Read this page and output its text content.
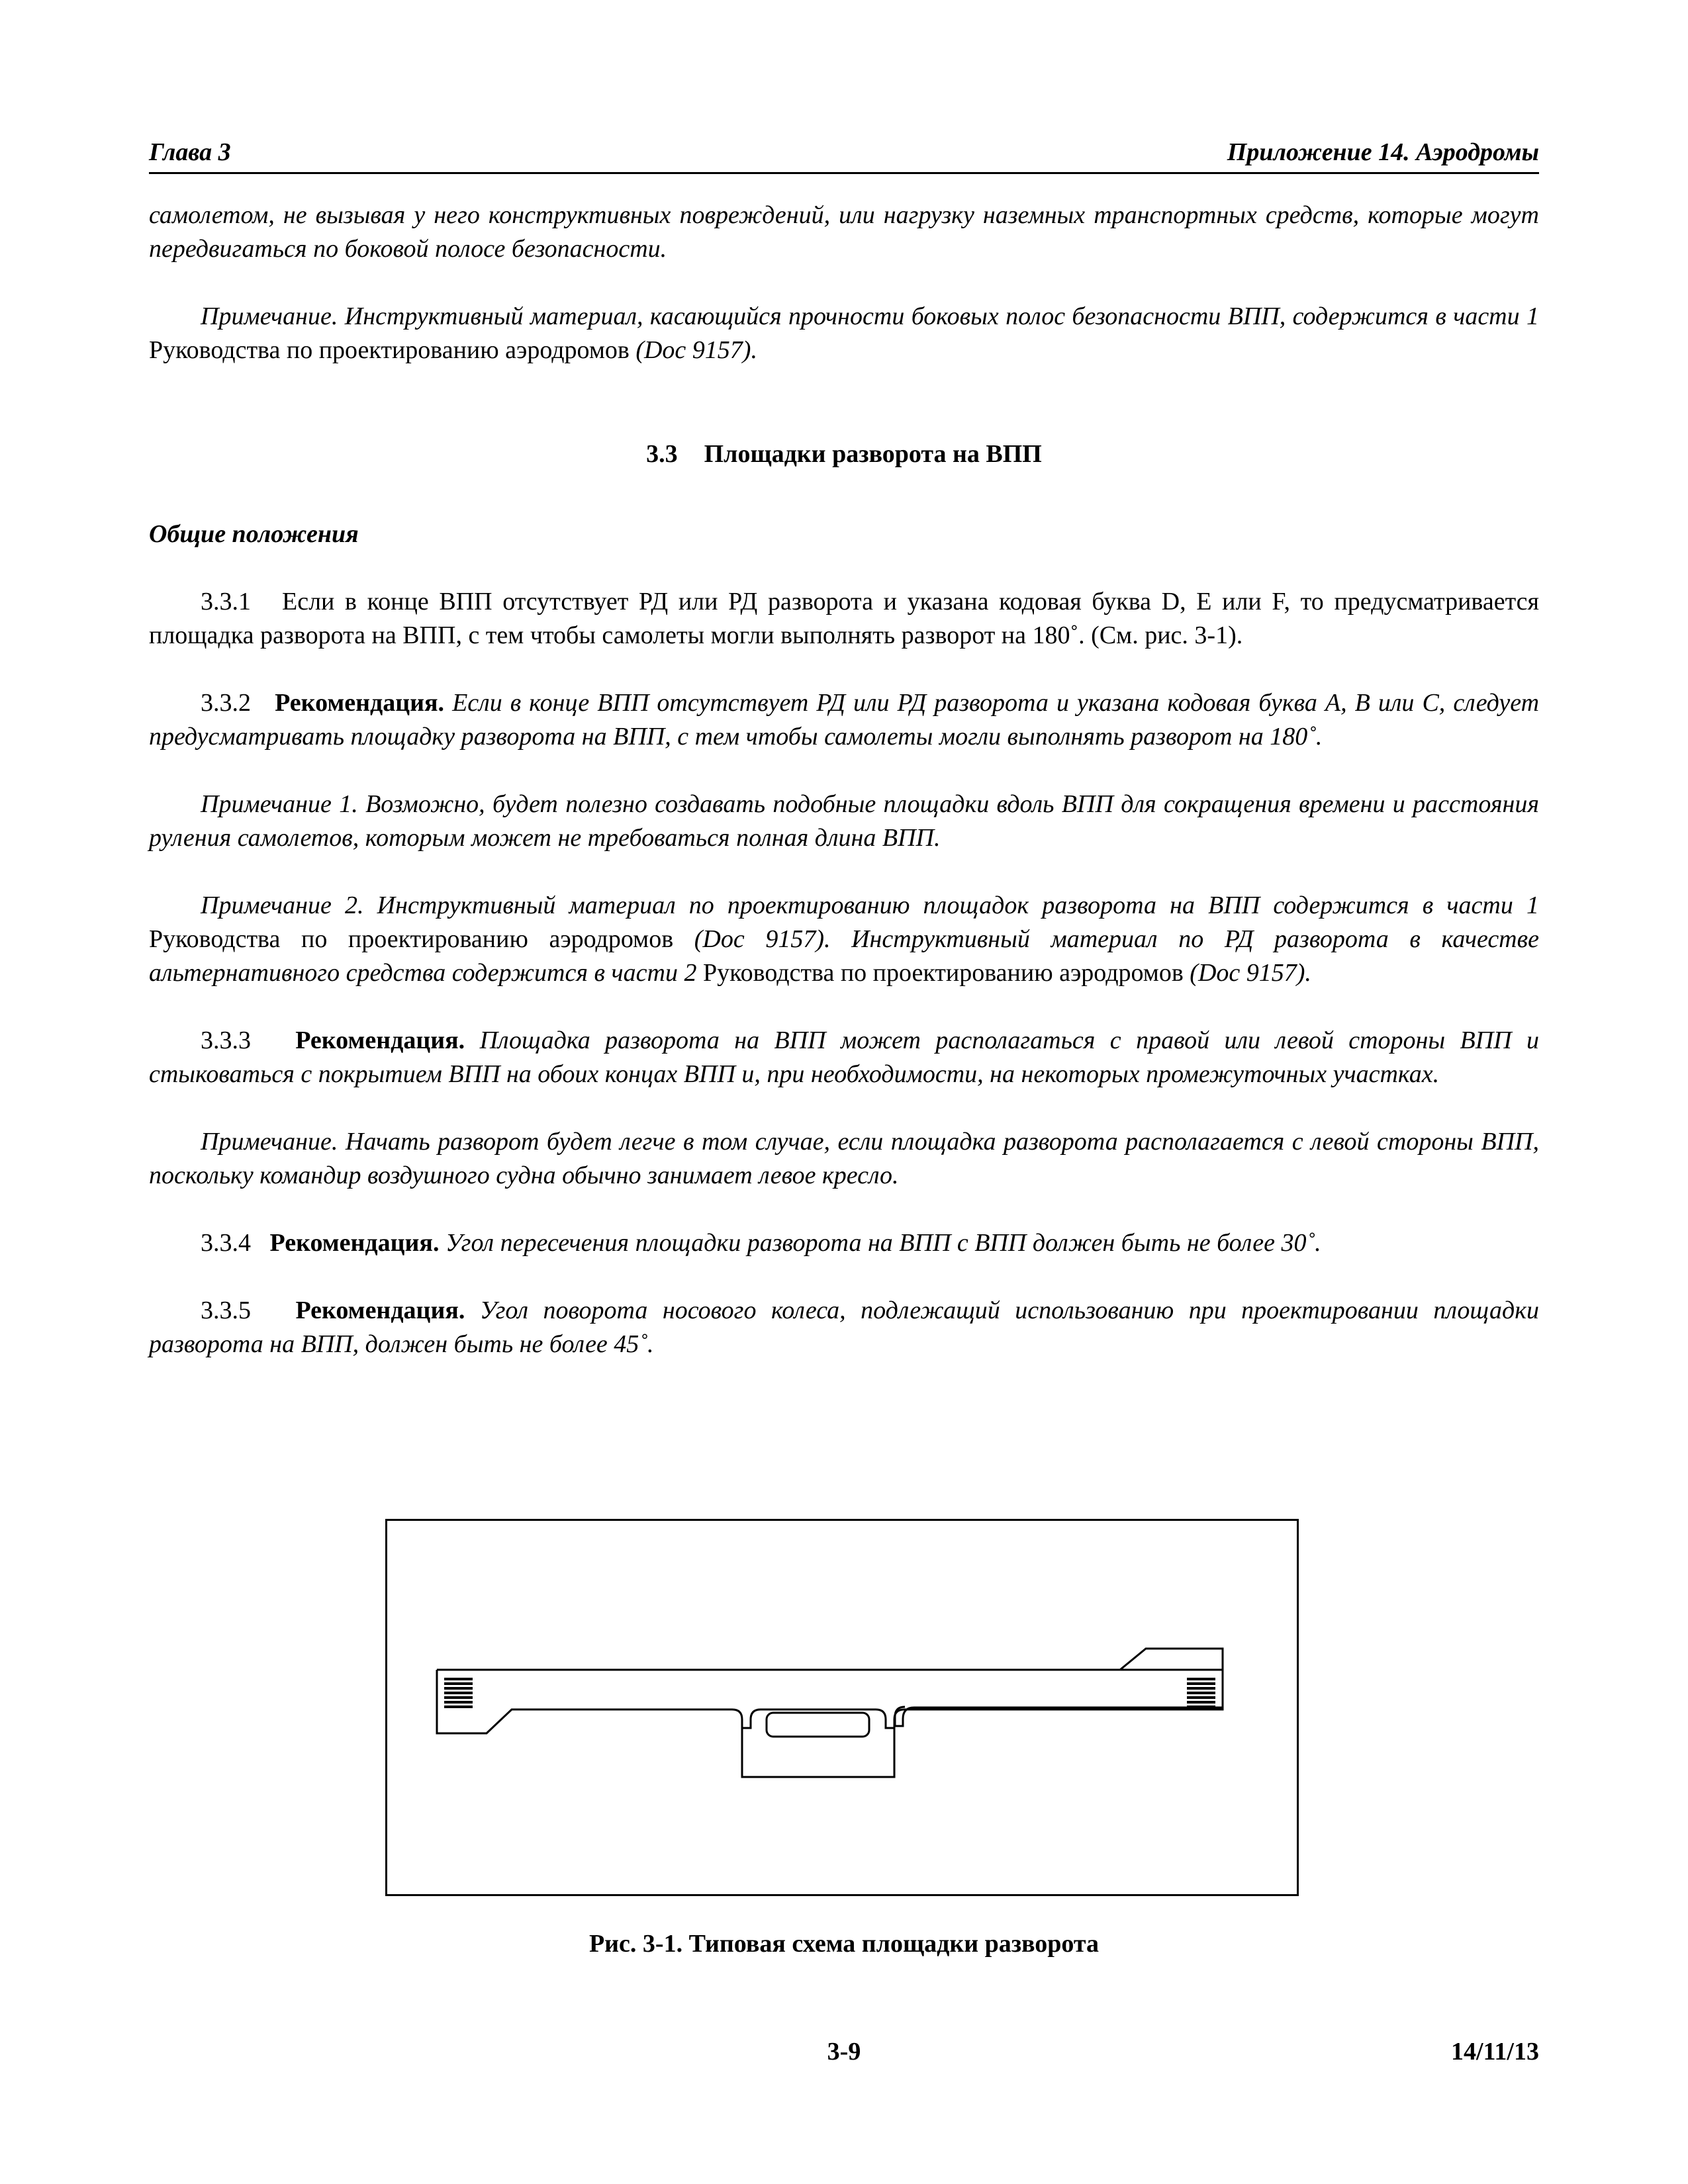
Глава 3	Приложение 14. Аэродромы

самолетом, не вызывая у него конструктивных повреждений, или нагрузку наземных транспортных средств, которые могут передвигаться по боковой полосе безопасности.

Примечание. Инструктивный материал, касающийся прочности боковых полос безопасности ВПП, содержится в части 1 Руководства по проектированию аэродромов (Doc 9157).

3.3 Площадки разворота на ВПП
Общие положения

3.3.1 Если в конце ВПП отсутствует РД или РД разворота и указана кодовая буква D, E или F, то предусматривается площадка разворота на ВПП, с тем чтобы самолеты могли выполнять разворот на 180˚. (См. рис. 3-1).

3.3.2 Рекомендация. Если в конце ВПП отсутствует РД или РД разворота и указана кодовая буква A, B или C, следует предусматривать площадку разворота на ВПП, с тем чтобы самолеты могли выполнять разворот на 180˚.

Примечание 1. Возможно, будет полезно создавать подобные площадки вдоль ВПП для сокращения времени и расстояния руления самолетов, которым может не требоваться полная длина ВПП.

Примечание 2. Инструктивный материал по проектированию площадок разворота на ВПП содержится в части 1 Руководства по проектированию аэродромов (Doc 9157). Инструктивный материал по РД разворота в качестве альтернативного средства содержится в части 2 Руководства по проектированию аэродромов (Doc 9157).

3.3.3 Рекомендация. Площадка разворота на ВПП может располагаться с правой или левой стороны ВПП и стыковаться с покрытием ВПП на обоих концах ВПП и, при необходимости, на некоторых промежуточных участках.

Примечание. Начать разворот будет легче в том случае, если площадка разворота располагается с левой стороны ВПП, поскольку командир воздушного судна обычно занимает левое кресло.

3.3.4 Рекомендация. Угол пересечения площадки разворота на ВПП с ВПП должен быть не более 30˚.

3.3.5 Рекомендация. Угол поворота носового колеса, подлежащий использованию при проектировании площадки разворота на ВПП, должен быть не более 45˚.

Рис. 3-1. Типовая схема площадки разворота
3-9	14/11/13
